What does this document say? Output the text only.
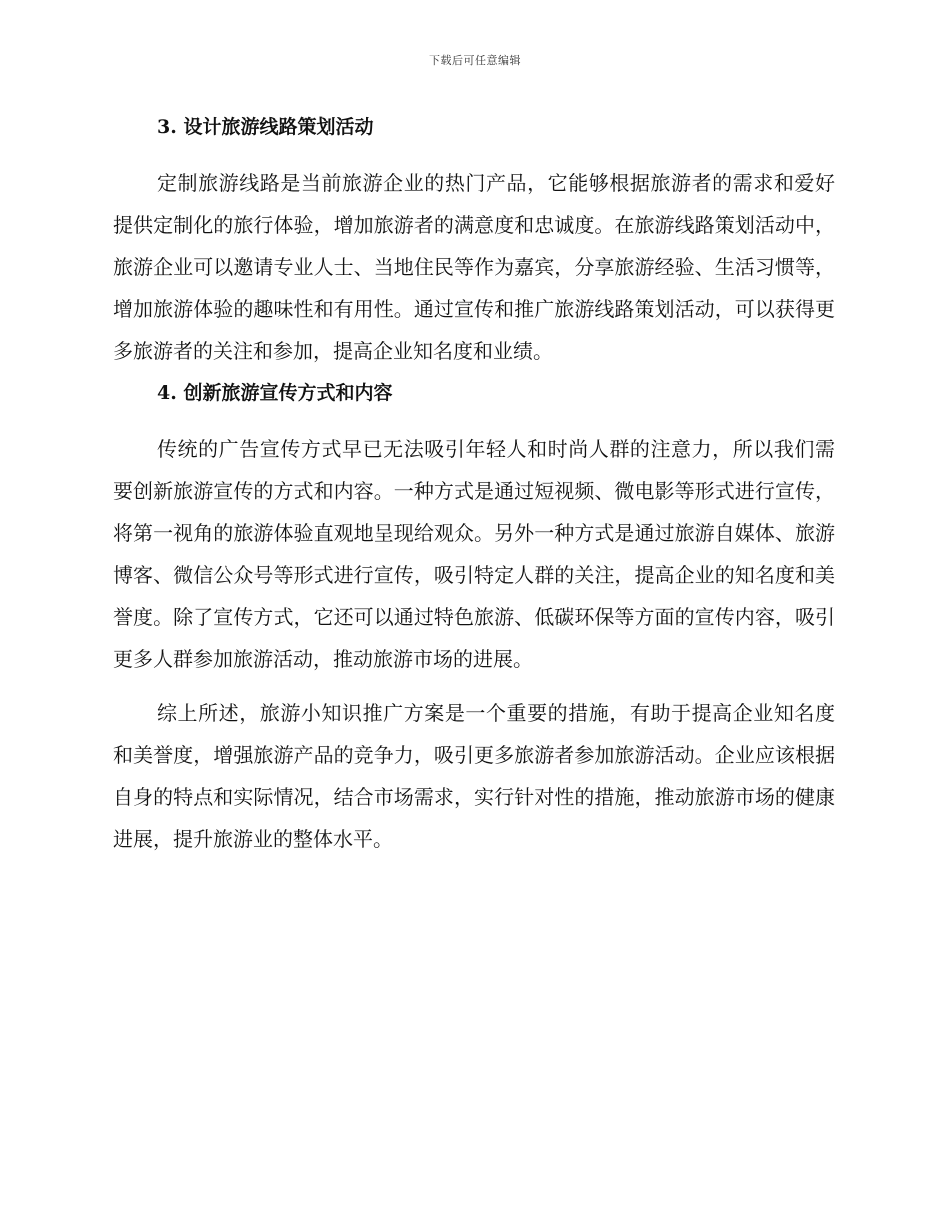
下载后可任意编辑
3. 设计旅游线路策划活动

定制旅游线路是当前旅游企业的热门产品，它能够根据旅游者的需求和爱好提供定制化的旅行体验，增加旅游者的满意度和忠诚度。在旅游线路策划活动中，旅游企业可以邀请专业人士、当地住民等作为嘉宾，分享旅游经验、生活习惯等，增加旅游体验的趣味性和有用性。通过宣传和推广旅游线路策划活动，可以获得更多旅游者的关注和参加，提高企业知名度和业绩。

4. 创新旅游宣传方式和内容

传统的广告宣传方式早已无法吸引年轻人和时尚人群的注意力，所以我们需要创新旅游宣传的方式和内容。一种方式是通过短视频、微电影等形式进行宣传，将第一视角的旅游体验直观地呈现给观众。另外一种方式是通过旅游自媒体、旅游博客、微信公众号等形式进行宣传，吸引特定人群的关注，提高企业的知名度和美誉度。除了宣传方式，它还可以通过特色旅游、低碳环保等方面的宣传内容，吸引更多人群参加旅游活动，推动旅游市场的进展。

综上所述，旅游小知识推广方案是一个重要的措施，有助于提高企业知名度和美誉度，增强旅游产品的竞争力，吸引更多旅游者参加旅游活动。企业应该根据自身的特点和实际情况，结合市场需求，实行针对性的措施，推动旅游市场的健康进展，提升旅游业的整体水平。
